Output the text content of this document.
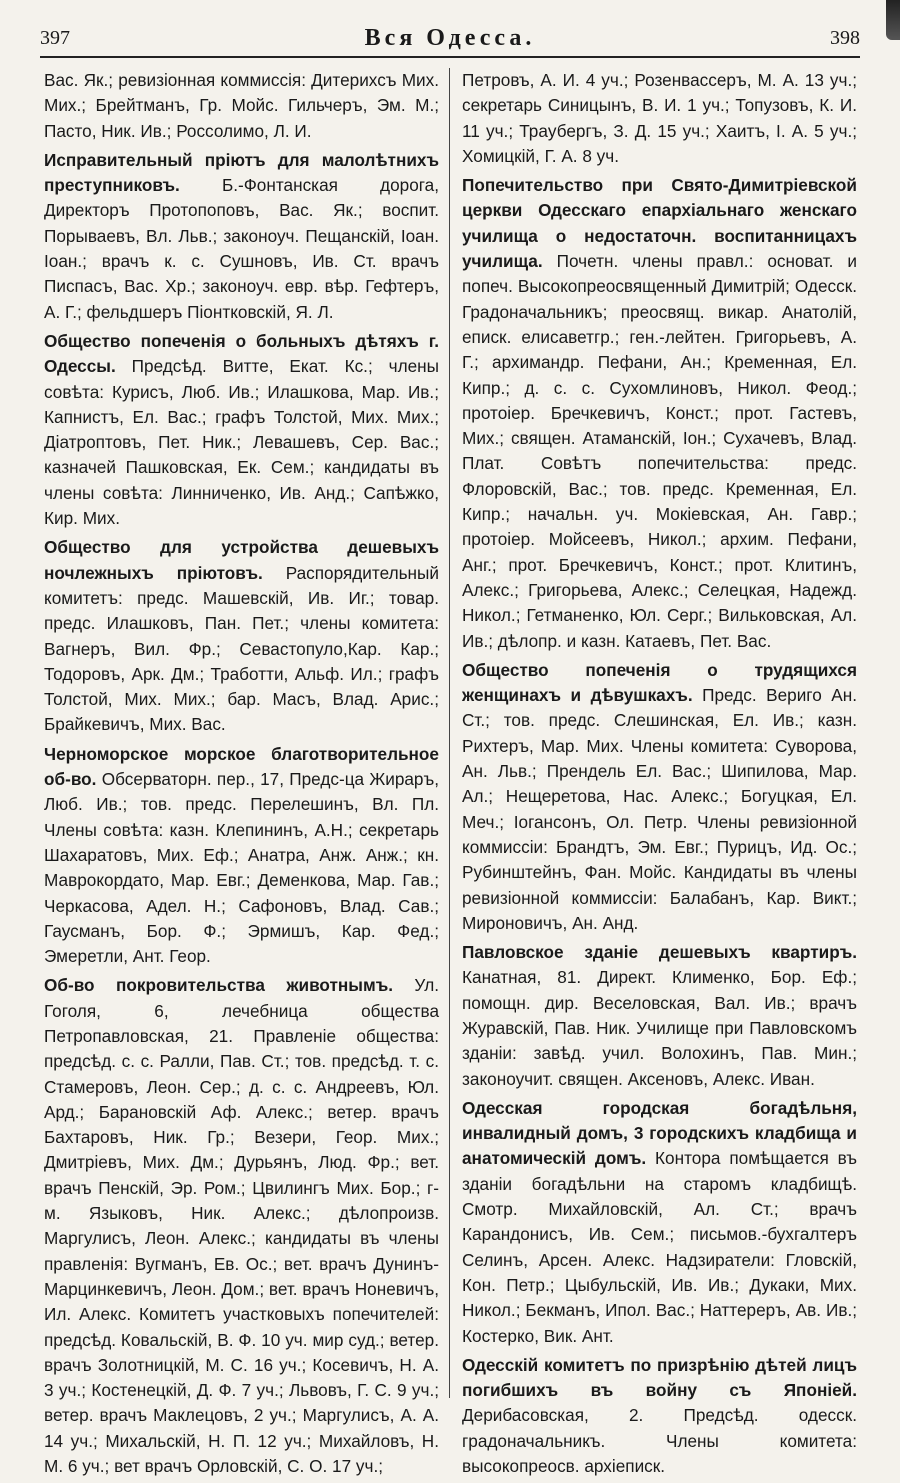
397	Вся Одесса.	398

Вас. Як.; ревизіонная коммиссія: Дитерихсъ Мих. Мих.; Брейтманъ, Гр. Мойс. Гильчеръ, Эм. М.; Пасто, Ник. Ив.; Россолимо, Л. И.

Исправительный пріютъ для малолѣтнихъ преступниковъ. Б.-Фонтанская дорога, Директоръ Протопоповъ, Вас. Як.; воспит. Порываевъ, Вл. Льв.; законоуч. Пещанскій, Іоан. Іоан.; врачъ к. с. Сушновъ, Ив. Ст. врачъ Писпасъ, Вас. Хр.; законоуч. евр. вѣр. Гефтеръ, А. Г.; фельдшеръ Піонтковскій, Я. Л.

Общество попеченія о больныхъ дѣтяхъ г. Одессы. Предсѣд. Витте, Екат. Кс.; члены совѣта: Курисъ, Люб. Ив.; Илашкова, Мар. Ив.; Капнистъ, Ел. Вас.; графъ Толстой, Мих. Мих.; Діатроптовъ, Пет. Ник.; Левашевъ, Сер. Вас.; казначей Пашковская, Ек. Сем.; кандидаты въ члены совѣта: Линниченко, Ив. Анд.; Сапѣжко, Кир. Мих.

Общество для устройства дешевыхъ ночлежныхъ пріютовъ. Распорядительный комитетъ: предс. Машевскій, Ив. Иг.; товар. предс. Илашковъ, Пан. Пет.; члены комитета: Вагнеръ, Вил. Фр.; Севастопуло,Кар. Кар.; Тодоровъ, Арк. Дм.; Тработти, Альф. Ил.; графъ Толстой, Мих. Мих.; бар. Масъ, Влад. Арис.; Брайкевичъ, Мих. Вас.

Черноморское морское благотворительное об-во. Обсерваторн. пер., 17, Предс-ца Жираръ, Люб. Ив.; тов. предс. Перелешинъ, Вл. Пл. Члены совѣта: казн. Клепининъ, А.Н.; секретарь Шахаратовъ, Мих. Еф.; Анатра, Анж. Анж.; кн. Маврокордато, Мар. Евг.; Деменкова, Мар. Гав.; Черкасова, Адел. Н.; Сафоновъ, Влад. Сав.; Гаусманъ, Бор. Ф.; Эрмишъ, Кар. Фед.; Эмеретли, Ант. Геор.

Об-во покровительства животнымъ. Ул. Гоголя, 6, лечебница общества Петропавловская, 21. Правленіе общества: предсѣд. с. с. Ралли, Пав. Ст.; тов. предсѣд. т. с. Стамеровъ, Леон. Сер.; д. с. с. Андреевъ, Юл. Ард.; Барановскій Аф. Алекс.; ветер. врачъ Бахтаровъ, Ник. Гр.; Везери, Геор. Мих.; Дмитріевъ, Мих. Дм.; Дурьянъ, Люд. Фр.; вет. врачъ Пенскій, Эр. Ром.; Цвилингъ Мих. Бор.; г-м. Языковъ, Ник. Алекс.; дѣлопроизв. Маргулисъ, Леон. Алекс.; кандидаты въ члены правленія: Вугманъ, Ев. Ос.; вет. врачъ Дунинъ-Марцинкевичъ, Леон. Дом.; вет. врачъ Нoневичъ, Ил. Алекс. Комитетъ участковыхъ попечителей: предсѣд. Ковальскій, В. Ф. 10 уч. мир суд.; ветер. врачъ Золотницкій, М. С. 16 уч.; Косевичъ, Н. А. 3 уч.; Костенецкій, Д. Ф. 7 уч.; Львовъ, Г. С. 9 уч.; ветер. врачъ Маклецовъ, 2 уч.; Маргулисъ, А. А. 14 уч.; Михальскій, Н. П. 12 уч.; Михайловъ, Н. М. 6 уч.; вет врачъ Орловскій, С. О. 17 уч.;

Петровъ, А. И. 4 уч.; Розенвассеръ, М. А. 13 уч.; секретарь Синицынъ, В. И. 1 уч.; Топузовъ, К. И. 11 уч.; Трaубергъ, З. Д. 15 уч.; Хаитъ, І. А. 5 уч.; Хомицкій, Г. А. 8 уч.

Попечительство при Свято-Димитріевской церкви Одесскаго епархіальнаго женскаго училища о недостаточн. воспитанницахъ училища. Почетн. члены правл.: основат. и попеч. Высокопреосвященный Димитрій; Одесск. Градоначальникъ; преосвящ. викар. Анатолій, епиcк. елисаветгр.; ген.-лейтен. Григорьевъ, А. Г.; архимандр. Пефани, Ан.; Кременная, Ел. Кипр.; д. с. с. Сухомлиновъ, Никол. Феод.; протоіер. Бречкевичъ, Конст.; прот. Гастевъ, Мих.; священ. Атаманскій, Іон.; Сухачевъ, Влад. Плат. Совѣтъ попечительства: предс. Флоровскій, Вас.; тов. предс. Кременная, Ел. Кипр.; начальн. уч. Мокіевская, Ан. Гавр.; протоіер. Мойсеевъ, Никол.; архим. Пефани, Анг.; прот. Бречкевичъ, Конст.; прот. Клитинъ, Алекс.; Григорьева, Алекс.; Селецкая, Надежд. Никол.; Гетманенко, Юл. Серг.; Вильковская, Ал. Ив.; дѣлопр. и казн. Катаевъ, Пет. Вас.

Общество попеченія о трудящихся женщинахъ и дѣвушкахъ. Предс. Вериго Ан. Ст.; тов. предс. Слешинская, Ел. Ив.; казн. Рихтеръ, Мар. Мих. Члены комитета: Суворова, Ан. Льв.; Прендель Ел. Вас.; Шипилова, Мар. Ал.; Нещеретова, Нас. Алекс.; Богуцкая, Ел. Меч.; Іогансонъ, Ол. Петр. Члены ревизіонной коммиссіи: Брандтъ, Эм. Евг.; Пурицъ, Ид. Ос.; Рубинштейнъ, Фан. Мойс. Кандидаты въ члены ревизіонной коммиссіи: Балабанъ, Кар. Викт.; Мироновичъ, Ан. Анд.

Павловское зданіе дешевыхъ квартиръ. Канатная, 81. Директ. Клименко, Бор. Еф.; помощн. дир. Веселовская, Вал. Ив.; врачъ Журавскій, Пав. Ник. Училище при Павловскомъ зданіи: завѣд. учил. Волохинъ, Пав. Мин.; законоучит. священ. Аксеновъ, Алекс. Иван.

Одесская городская богадѣльня, инвалидный домъ, 3 городскихъ кладбища и анатомическій домъ. Контора помѣщается въ зданіи богадѣльни на старомъ кладбищѣ. Смотр. Михайловскій, Ал. Ст.; врачъ Карандонисъ, Ив. Сем.; письмов.-бухгалтеръ Селинъ, Арсен. Алекс. Надзиратели: Гловскій, Кон. Петр.; Цыбульскій, Ив. Ив.; Дукаки, Мих. Никол.; Бекманъ, Ипол. Вас.; Наттереръ, Ав. Ив.; Костерко, Вик. Ант.

Одесскій комитетъ по призрѣнію дѣтей лицъ погибшихъ въ войну съ Японіей. Дерибасовская, 2. Предсѣд. одесск. градоначальникъ. Члены комитета: высокопреосв. архіеписк.
